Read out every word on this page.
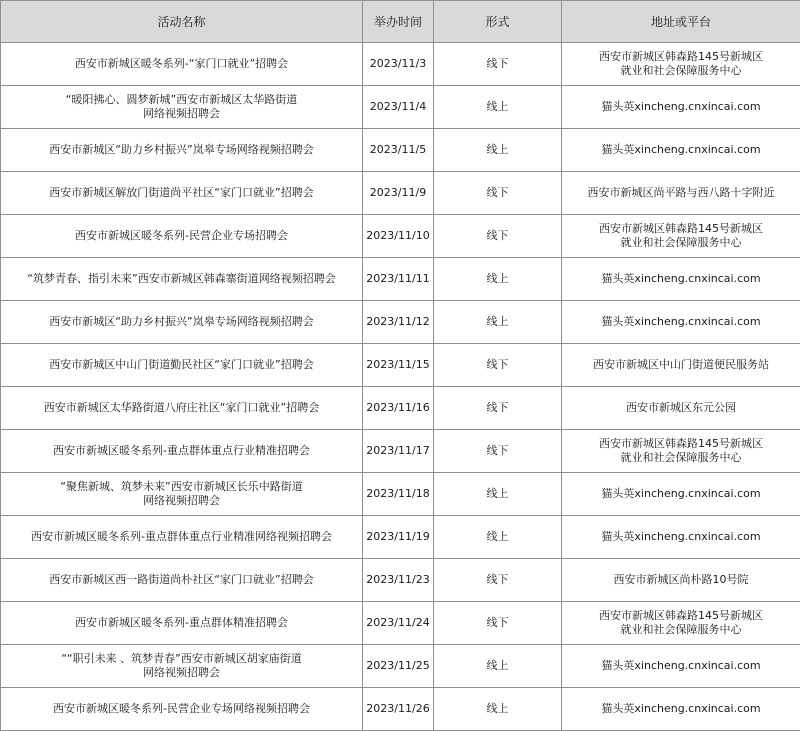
活动名称	举办时间	形式	地址或平台
西安市新城区暖冬系列-“家门口就业”招聘会	2023/11/3	线下	西安市新城区韩森路145号新城区
就业和社会保障服务中心
“暖阳拂心、圆梦新城”西安市新城区太华路街道
网络视频招聘会	2023/11/4	线上	猫头英xincheng.cnxincai.com
西安市新城区“助力乡村振兴”岚皋专场网络视频招聘会	2023/11/5	线上	猫头英xincheng.cnxincai.com
西安市新城区解放门街道尚平社区“家门口就业”招聘会	2023/11/9	线下	西安市新城区尚平路与西八路十字附近
西安市新城区暖冬系列-民营企业专场招聘会	2023/11/10	线下	西安市新城区韩森路145号新城区
就业和社会保障服务中心
“筑梦青春、指引未来”西安市新城区韩森寨街道网络视频招聘会	2023/11/11	线上	猫头英xincheng.cnxincai.com
西安市新城区“助力乡村振兴”岚皋专场网络视频招聘会	2023/11/12	线上	猫头英xincheng.cnxincai.com
西安市新城区中山门街道勤民社区“家门口就业”招聘会	2023/11/15	线下	西安市新城区中山门街道便民服务站
西安市新城区太华路街道八府庄社区“家门口就业”招聘会	2023/11/16	线下	西安市新城区东元公园
西安市新城区暖冬系列-重点群体重点行业精准招聘会	2023/11/17	线下	西安市新城区韩森路145号新城区
就业和社会保障服务中心
“聚焦新城、筑梦未来”西安市新城区长乐中路街道
网络视频招聘会	2023/11/18	线上	猫头英xincheng.cnxincai.com
西安市新城区暖冬系列-重点群体重点行业精准网络视频招聘会	2023/11/19	线上	猫头英xincheng.cnxincai.com
西安市新城区西一路街道尚朴社区“家门口就业”招聘会	2023/11/23	线下	西安市新城区尚朴路10号院
西安市新城区暖冬系列-重点群体精准招聘会	2023/11/24	线下	西安市新城区韩森路145号新城区
就业和社会保障服务中心
““职引未来 、筑梦青春”西安市新城区胡家庙街道
网络视频招聘会	2023/11/25	线上	猫头英xincheng.cnxincai.com
西安市新城区暖冬系列-民营企业专场网络视频招聘会	2023/11/26	线上	猫头英xincheng.cnxincai.com
